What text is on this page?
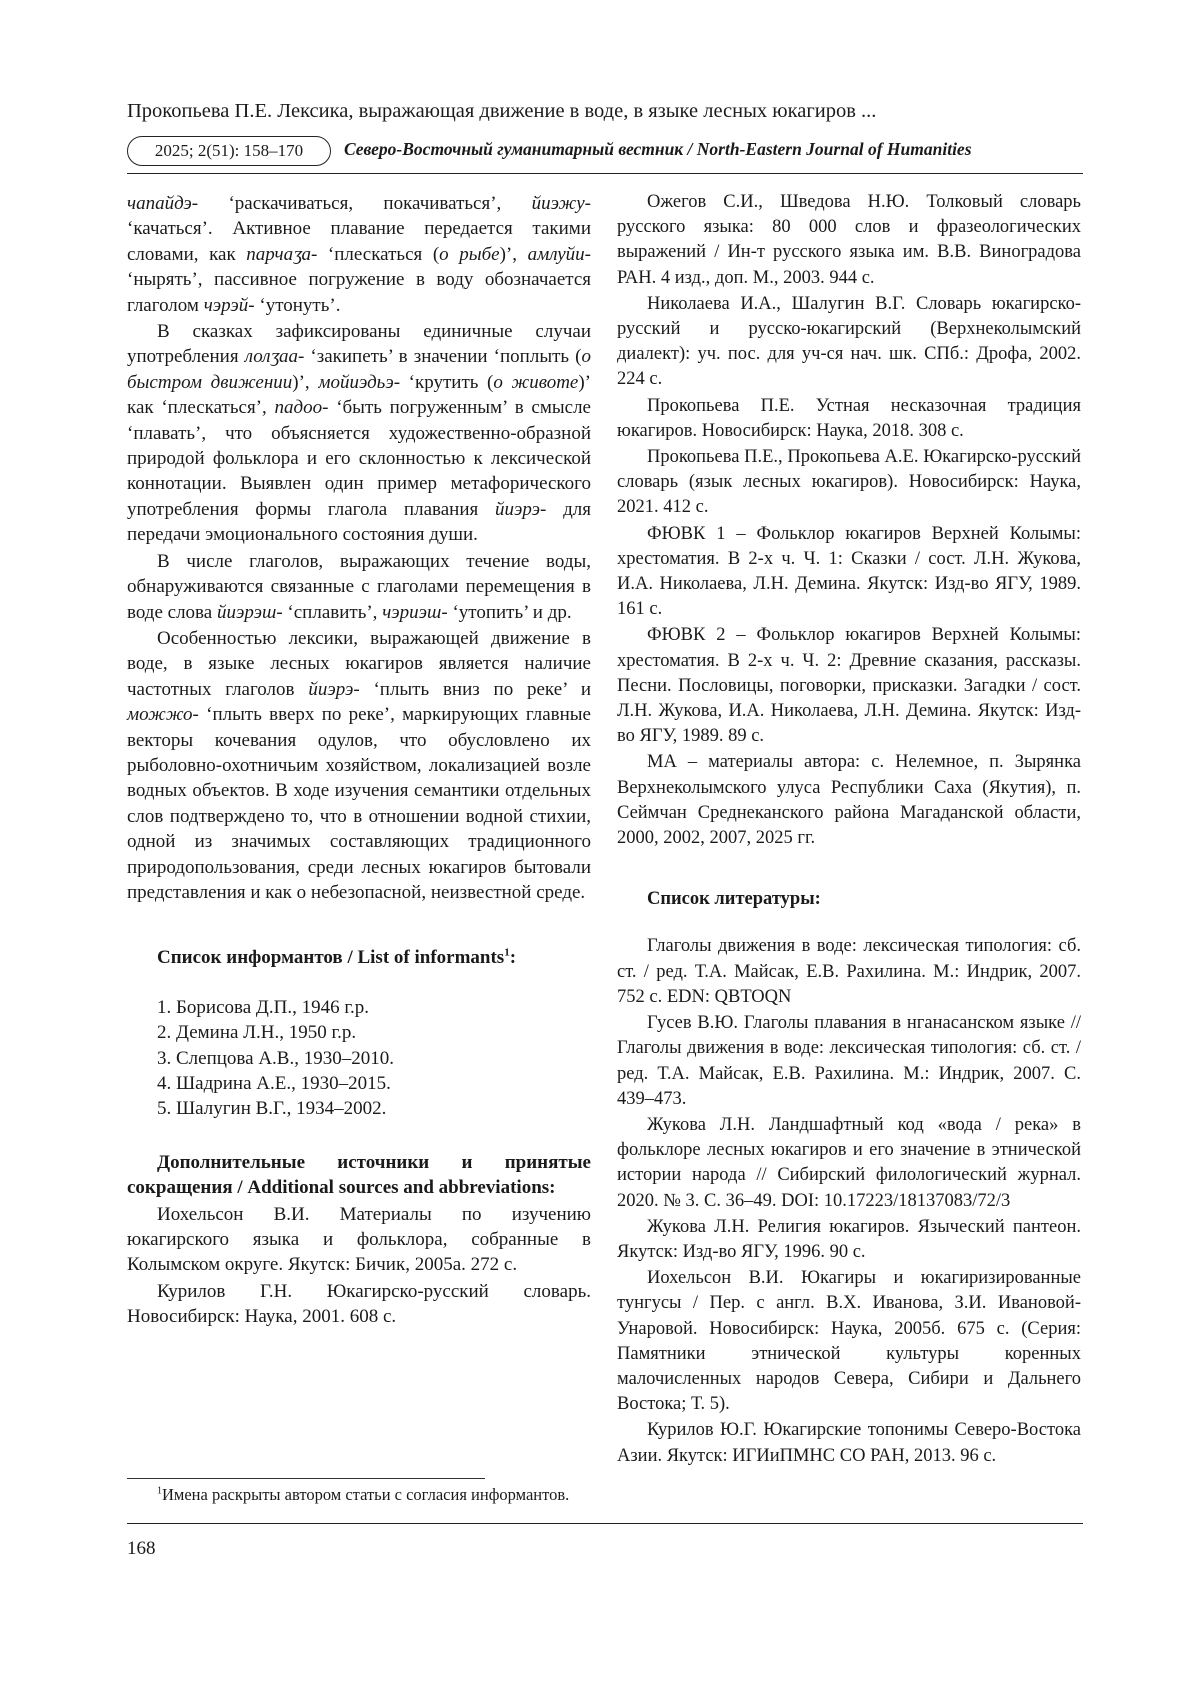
Прокопьева П.Е. Лексика, выражающая движение в воде, в языке лесных юкагиров ...
2025; 2(51): 158–170	Северо-Восточный гуманитарный вестник / North-Eastern Journal of Humanities

чапайдэ- ‘раскачиваться, покачиваться’, йиэжу- ‘качаться’. Активное плавание передается такими словами, как парчаӡа- ‘плескаться (о рыбе)’, амлуйи- ‘нырять’, пассивное погружение в воду обозначается глаголом чэрэй- ‘утонуть’.

В сказках зафиксированы единичные случаи употребления лолӡаа- ‘закипеть’ в значении ‘поплыть (о быстром движении)’, мойиэдьэ- ‘крутить (о животе)’ как ‘плескаться’, падоо- ‘быть погруженным’ в смысле ‘плавать’, что объясняется художественно-образной природой фольклора и его склонностью к лексической коннотации. Выявлен один пример метафорического употребления формы глагола плавания йиэрэ- для передачи эмоционального состояния души.

В числе глаголов, выражающих течение воды, обнаруживаются связанные с глаголами перемещения в воде слова йиэрэш- ‘сплавить’, чэриэш- ‘утопить’ и др.

Особенностью лексики, выражающей движение в воде, в языке лесных юкагиров является наличие частотных глаголов йиэрэ- ‘плыть вниз по реке’ и можжо- ‘плыть вверх по реке’, маркирующих главные векторы кочевания одулов, что обусловлено их рыболовно-охотничьим хозяйством, локализацией возле водных объектов. В ходе изучения семантики отдельных слов подтверждено то, что в отношении водной стихии, одной из значимых составляющих традиционного природопользования, среди лесных юкагиров бытовали представления и как о небезопасной, неизвестной среде.

Список информантов / List of informants$^1$:

1. Борисова Д.П., 1946 г.р.
2. Демина Л.Н., 1950 г.р.
3. Слепцова А.В., 1930–2010.
4. Шадрина А.Е., 1930–2015.
5. Шалугин В.Г., 1934–2002.

Дополнительные источники и принятые сокращения / Additional sources and abbreviations:

Иохельсон В.И. Материалы по изучению юкагирского языка и фольклора, собранные в Колымском округе. Якутск: Бичик, 2005а. 272 с.

Курилов Г.Н. Юкагирско-русский словарь. Новосибирск: Наука, 2001. 608 с.

Ожегов С.И., Шведова Н.Ю. Толковый словарь русского языка: 80 000 слов и фразеологических выражений / Ин-т русского языка им. В.В. Виноградова РАН. 4 изд., доп. М., 2003. 944 с.

Николаева И.А., Шалугин В.Г. Словарь юкагирско-русский и русско-юкагирский (Верхнеколымский диалект): уч. пос. для уч-ся нач. шк. СПб.: Дрофа, 2002. 224 с.

Прокопьева П.Е. Устная несказочная традиция юкагиров. Новосибирск: Наука, 2018. 308 с.

Прокопьева П.Е., Прокопьева А.Е. Юкагирско-русский словарь (язык лесных юкагиров). Новосибирск: Наука, 2021. 412 с.

ФЮВК 1 – Фольклор юкагиров Верхней Колымы: хрестоматия. В 2-х ч. Ч. 1: Сказки / сост. Л.Н. Жукова, И.А. Николаева, Л.Н. Демина. Якутск: Изд-во ЯГУ, 1989. 161 с.

ФЮВК 2 – Фольклор юкагиров Верхней Колымы: хрестоматия. В 2-х ч. Ч. 2: Древние сказания, рассказы. Песни. Пословицы, поговорки, присказки. Загадки / сост. Л.Н. Жукова, И.А. Николаева, Л.Н. Демина. Якутск: Изд-во ЯГУ, 1989. 89 с.

МА – материалы автора: с. Нелемное, п. Зырянка Верхнеколымского улуса Республики Саха (Якутия), п. Сеймчан Среднеканского района Магаданской области, 2000, 2002, 2007, 2025 гг.

Список литературы:

Глаголы движения в воде: лексическая типология: сб. ст. / ред. Т.А. Майсак, Е.В. Рахилина. М.: Индрик, 2007. 752 с. EDN: QBTOQN

Гусев В.Ю. Глаголы плавания в нганасанском языке // Глаголы движения в воде: лексическая типология: сб. ст. / ред. Т.А. Майсак, Е.В. Рахилина. М.: Индрик, 2007. С. 439–473.

Жукова Л.Н. Ландшафтный код «вода / река» в фольклоре лесных юкагиров и его значение в этнической истории народа // Сибирский филологический журнал. 2020. № 3. С. 36–49. DOI: 10.17223/18137083/72/3

Жукова Л.Н. Религия юкагиров. Языческий пантеон. Якутск: Изд-во ЯГУ, 1996. 90 с.

Иохельсон В.И. Юкагиры и юкагиризированные тунгусы / Пер. с англ. В.Х. Иванова, З.И. Ивановой-Унаровой. Новосибирск: Наука, 2005б. 675 с. (Серия: Памятники этнической культуры коренных малочисленных народов Севера, Сибири и Дальнего Востока; Т. 5).

Курилов Ю.Г. Юкагирские топонимы Северо-Востока Азии. Якутск: ИГИиПМНС СО РАН, 2013. 96 с.

$^1$Имена раскрыты автором статьи с согласия информантов.
168
